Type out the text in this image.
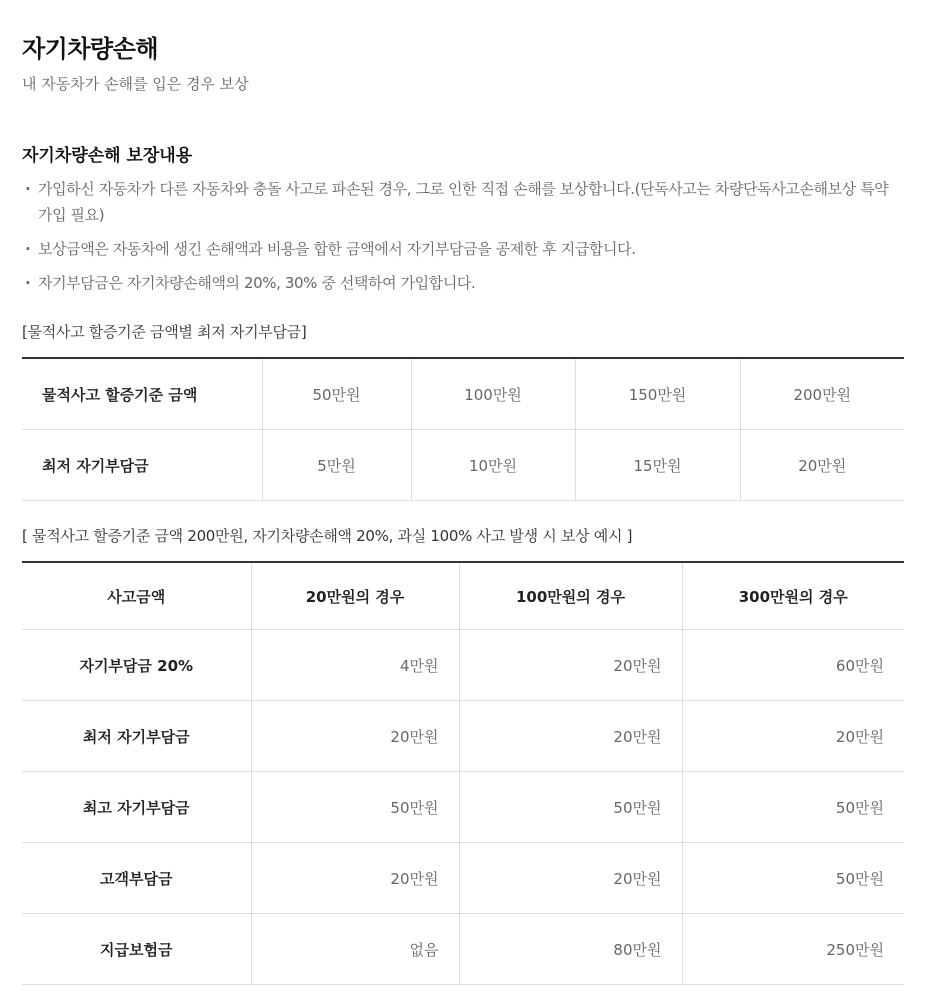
자기차량손해
내 자동차가 손해를 입은 경우 보상
자기차량손해 보장내용
· 가입하신 자동차가 다른 자동차와 충돌 사고로 파손된 경우, 그로 인한 직접 손해를 보상합니다.(단독사고는 차량단독사고손해보상 특약 가입 필요)
· 보상금액은 자동차에 생긴 손해액과 비용을 합한 금액에서 자기부담금을 공제한 후 지급합니다.
· 자기부담금은 자기차량손해액의 20%, 30% 중 선택하여 가입합니다.
[물적사고 할증기준 금액별 최저 자기부담금]
물적사고 할증기준 금액	50만원	100만원	150만원	200만원
최저 자기부담금	5만원	10만원	15만원	20만원
[ 물적사고 할증기준 금액 200만원, 자기차량손해액 20%, 과실 100% 사고 발생 시 보상 예시 ]
사고금액	20만원의 경우	100만원의 경우	300만원의 경우
자기부담금 20%	4만원	20만원	60만원
최저 자기부담금	20만원	20만원	20만원
최고 자기부담금	50만원	50만원	50만원
고객부담금	20만원	20만원	50만원
지급보험금	없음	80만원	250만원
